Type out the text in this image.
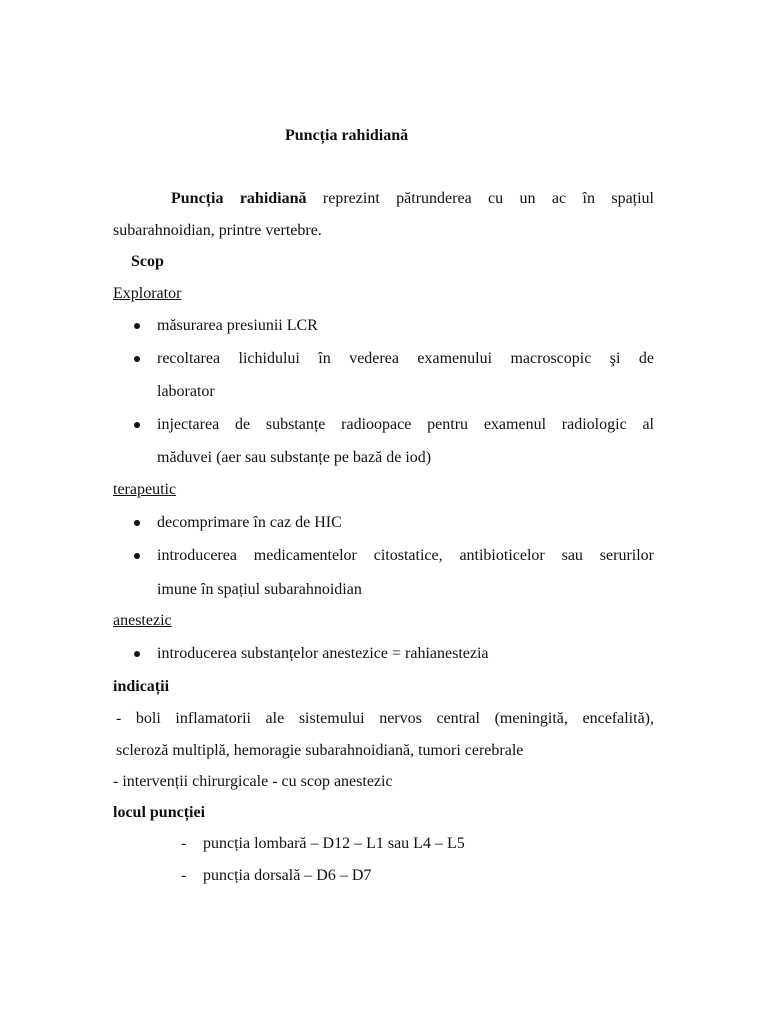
Puncția rahidiană
Puncția rahidiană reprezint pătrunderea cu un ac în spațiul
subarahnoidian, printre vertebre.
Scop
Explorator
măsurarea presiunii LCR
recoltarea lichidului în vederea examenului macroscopic şi de
laborator
injectarea de substanțe radioopace pentru examenul radiologic al
măduvei (aer sau substanțe pe bază de iod)
terapeutic
decomprimare în caz de HIC
introducerea medicamentelor citostatice, antibioticelor sau serurilor
imune în spațiul subarahnoidian
anestezic
introducerea substanțelor anestezice = rahianestezia
indicații
- boli inflamatorii ale sistemului nervos central (meningită, encefalită),
scleroză multiplă, hemoragie subarahnoidiană, tumori cerebrale
- intervenții chirurgicale - cu scop anestezic
locul puncției
- puncția lombară – D12 – L1 sau L4 – L5
- puncția dorsală – D6 – D7
